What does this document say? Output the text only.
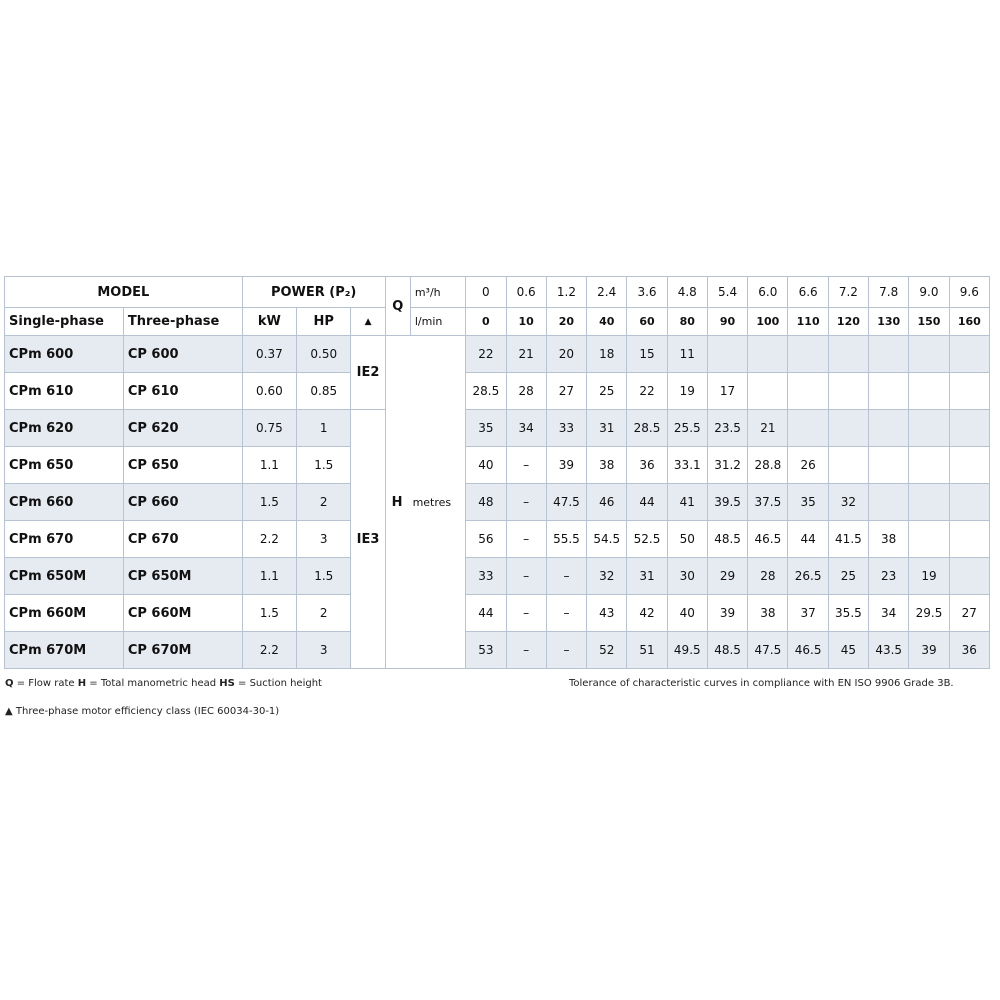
MODEL		POWER (P₂)			Q	m³/h	0	0.6	1.2	2.4	3.6	4.8	5.4	6.0	6.6	7.2	7.8	9.0	9.6
Single-phase	Three-phase	kW	HP	▲		l/min	0	10	20	40	60	80	90	100	110	120	130	150	160
CPm 600	CP 600	0.37	0.50	IE2	H metres		22	21	20	18	15	11							
CPm 610	CP 610	0.60	0.85				28.5	28	27	25	22	19	17						
CPm 620	CP 620	0.75	1	IE3			35	34	33	31	28.5	25.5	23.5	21					
CPm 650	CP 650	1.1	1.5				40	–	39	38	36	33.1	31.2	28.8	26				
CPm 660	CP 660	1.5	2				48	–	47.5	46	44	41	39.5	37.5	35	32			
CPm 670	CP 670	2.2	3				56	–	55.5	54.5	52.5	50	48.5	46.5	44	41.5	38		
CPm 650M	CP 650M	1.1	1.5				33	–	–	32	31	30	29	28	26.5	25	23	19	
CPm 660M	CP 660M	1.5	2				44	–	–	43	42	40	39	38	37	35.5	34	29.5	27
CPm 670M	CP 670M	2.2	3				53	–	–	52	51	49.5	48.5	47.5	46.5	45	43.5	39	36
Q = Flow rate H = Total manometric head HS = Suction height	Tolerance of characteristic curves in compliance with EN ISO 9906 Grade 3B.
▲ Three-phase motor efficiency class (IEC 60034-30-1)
